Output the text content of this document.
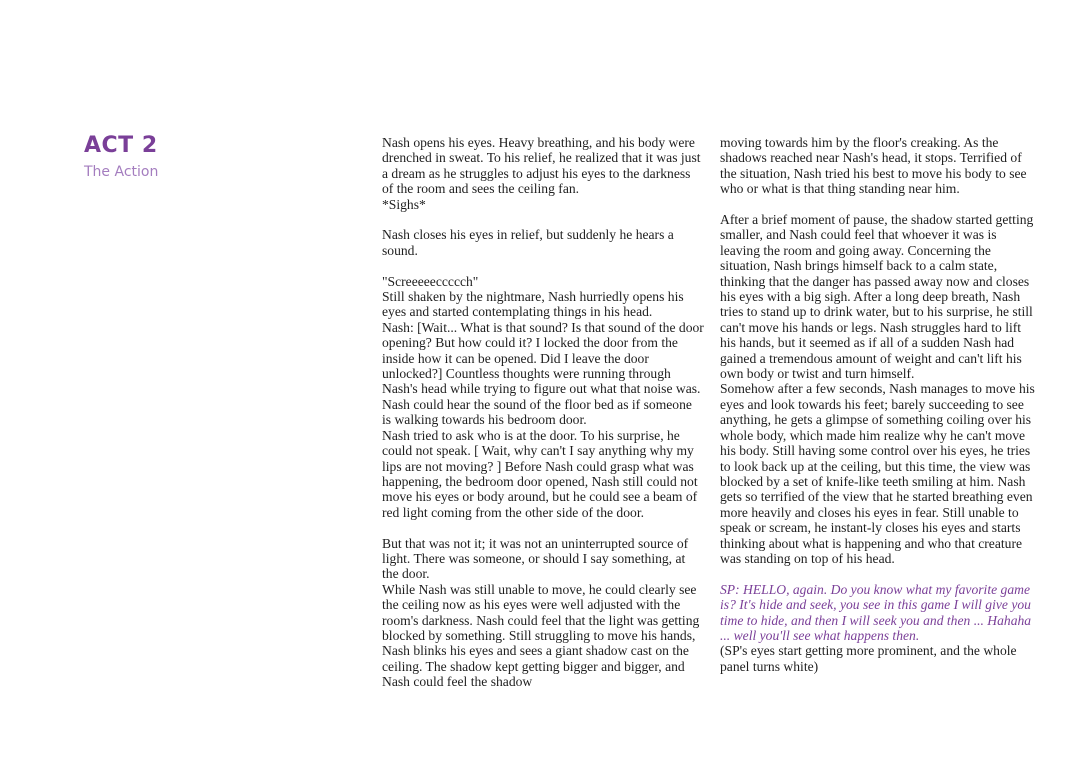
ACT 2
The Action

Nash opens his eyes. Heavy breathing, and his body were drenched in sweat. To his relief, he realized that it was just a dream as he struggles to adjust his eyes to the darkness of the room and sees the ceiling fan.

*Sighs*

Nash closes his eyes in relief, but suddenly he hears a sound.

"Screeeeeccccch"

Still shaken by the nightmare, Nash hurriedly opens his eyes and started contemplating things in his head.

Nash: [Wait... What is that sound? Is that sound of the door opening? But how could it? I locked the door from the inside how it can be opened. Did I leave the door unlocked?] Countless thoughts were running through Nash's head while trying to figure out what that noise was. Nash could hear the sound of the floor bed as if someone is walking towards his bedroom door.

Nash tried to ask who is at the door. To his surprise, he could not speak. [ Wait, why can't I say anything why my lips are not moving? ] Before Nash could grasp what was happening, the bedroom door opened, Nash still could not move his eyes or body around, but he could see a beam of red light coming from the other side of the door.

But that was not it; it was not an uninterrupted source of light. There was someone, or should I say something, at the door.

While Nash was still unable to move, he could clearly see the ceiling now as his eyes were well adjusted with the room's darkness. Nash could feel that the light was getting blocked by something. Still struggling to move his hands, Nash blinks his eyes and sees a giant shadow cast on the ceiling. The shadow kept getting bigger and bigger, and Nash could feel the shadow

moving towards him by the floor's creaking. As the shadows reached near Nash's head, it stops. Terrified of the situation, Nash tried his best to move his body to see who or what is that thing standing near him.

After a brief moment of pause, the shadow started getting smaller, and Nash could feel that whoever it was is leaving the room and going away. Concerning the situation, Nash brings himself back to a calm state, thinking that the danger has passed away now and closes his eyes with a big sigh. After a long deep breath, Nash tries to stand up to drink water, but to his surprise, he still can't move his hands or legs. Nash struggles hard to lift his hands, but it seemed as if all of a sudden Nash had gained a tremendous amount of weight and can't lift his own body or twist and turn himself.

Somehow after a few seconds, Nash manages to move his eyes and look towards his feet; barely succeeding to see anything, he gets a glimpse of something coiling over his whole body, which made him realize why he can't move his body. Still having some control over his eyes, he tries to look back up at the ceiling, but this time, the view was blocked by a set of knife-like teeth smiling at him. Nash gets so terrified of the view that he started breathing even more heavily and closes his eyes in fear. Still unable to speak or scream, he instant-ly closes his eyes and starts thinking about what is happening and who that creature was standing on top of his head.

SP: HELLO, again. Do you know what my favorite game is? It's hide and seek, you see in this game I will give you time to hide, and then I will seek you and then ... Hahaha ... well you'll see what happens then.

(SP's eyes start getting more prominent, and the whole panel turns white)
